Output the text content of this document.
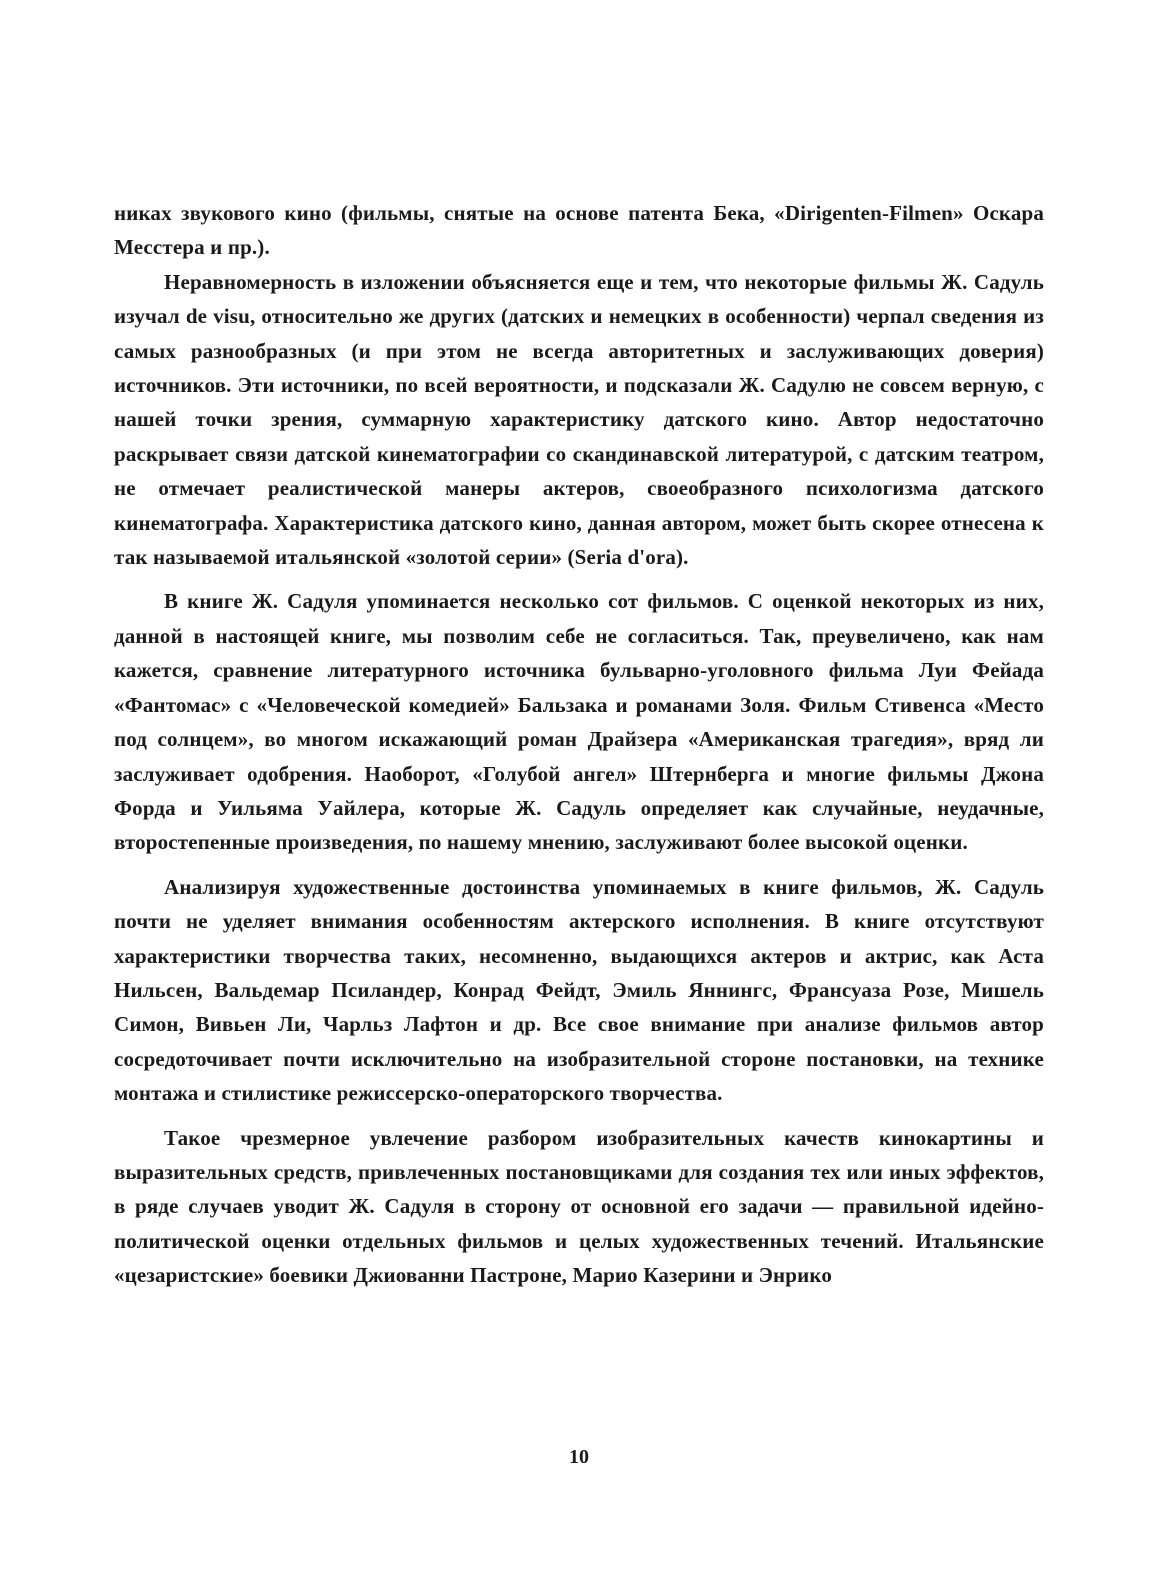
никах звукового кино (фильмы, снятые на основе патента Бека, «Dirigenten-Filmen» Оскара Месстера и пр.).

Неравномерность в изложении объясняется еще и тем, что некоторые фильмы Ж. Садуль изучал de visu, относительно же других (датских и немецких в особенности) черпал сведения из самых разнообразных (и при этом не всегда авторитетных и заслуживающих доверия) источников. Эти источники, по всей вероятности, и подсказали Ж. Садулю не совсем верную, с нашей точки зрения, суммарную характеристику датского кино. Автор недостаточно раскрывает связи датской кинематографии со скандинавской литературой, с датским театром, не отмечает реалистической манеры актеров, своеобразного психологизма датского кинематографа. Характеристика датского кино, данная автором, может быть скорее отнесена к так называемой итальянской «золотой серии» (Seria d'ora).

В книге Ж. Садуля упоминается несколько сот фильмов. С оценкой некоторых из них, данной в настоящей книге, мы позволим себе не согласиться. Так, преувеличено, как нам кажется, сравнение литературного источника бульварно-уголовного фильма Луи Фейада «Фантомас» с «Человеческой комедией» Бальзака и романами Золя. Фильм Стивенса «Место под солнцем», во многом искажающий роман Драйзера «Американская трагедия», вряд ли заслуживает одобрения. Наоборот, «Голубой ангел» Штернберга и многие фильмы Джона Форда и Уильяма Уайлера, которые Ж. Садуль определяет как случайные, неудачные, второстепенные произведения, по нашему мнению, заслуживают более высокой оценки.

Анализируя художественные достоинства упоминаемых в книге фильмов, Ж. Садуль почти не уделяет внимания особенностям актерского исполнения. В книге отсутствуют характеристики творчества таких, несомненно, выдающихся актеров и актрис, как Аста Нильсен, Вальдемар Псиландер, Конрад Фейдт, Эмиль Яннингс, Франсуаза Розе, Мишель Симон, Вивьен Ли, Чарльз Лафтон и др. Все свое внимание при анализе фильмов автор сосредоточивает почти исключительно на изобразительной стороне постановки, на технике монтажа и стилистике режиссерско-операторского творчества.

Такое чрезмерное увлечение разбором изобразительных качеств кинокартины и выразительных средств, привлеченных постановщиками для создания тех или иных эффектов, в ряде случаев уводит Ж. Садуля в сторону от основной его задачи — правильной идейно-политической оценки отдельных фильмов и целых художественных течений. Итальянские «цезаристские» боевики Джиованни Пастроне, Марио Казерини и Энрико

10
